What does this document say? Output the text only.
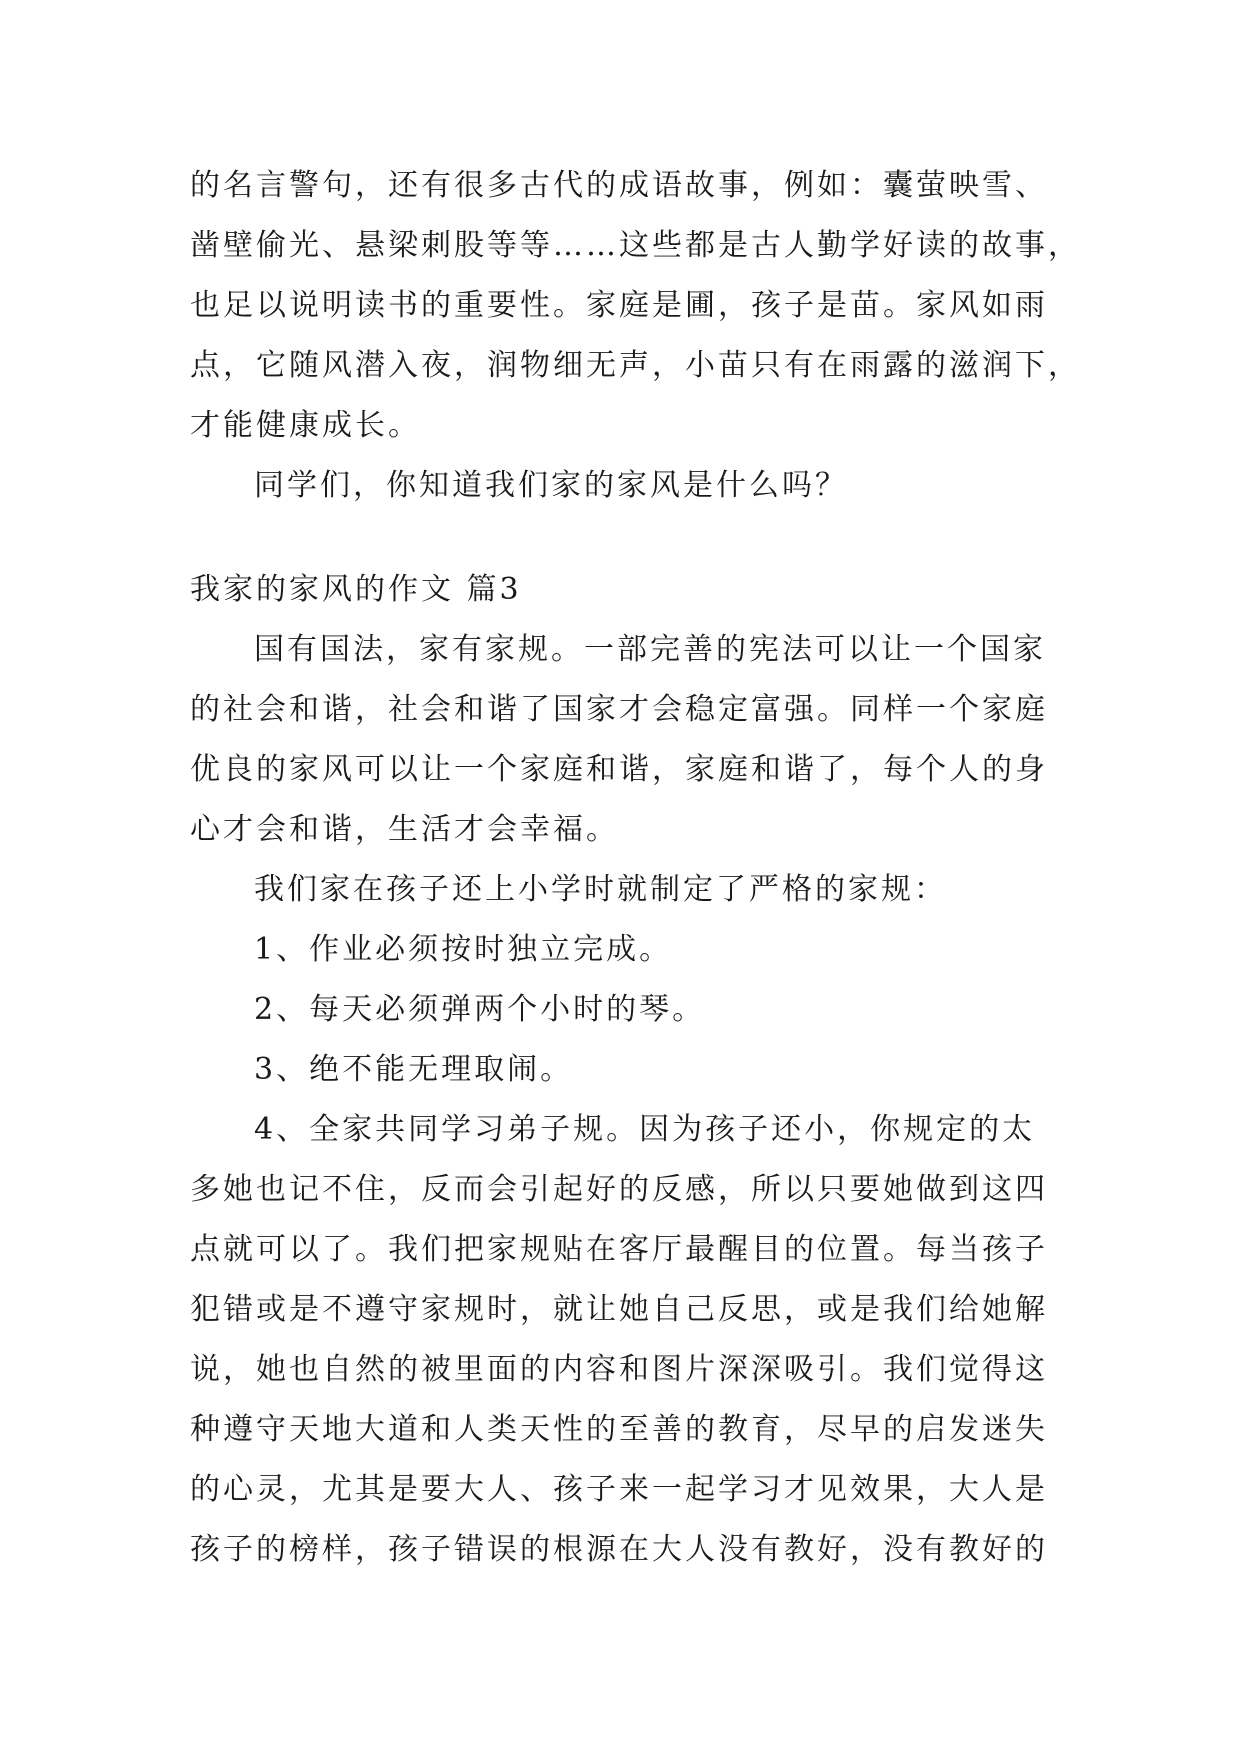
的名言警句，还有很多古代的成语故事，例如：囊萤映雪、
凿壁偷光、悬梁刺股等等……这些都是古人勤学好读的故事，
也足以说明读书的重要性。家庭是圃，孩子是苗。家风如雨
点，它随风潜入夜，润物细无声，小苗只有在雨露的滋润下，
才能健康成长。
同学们，你知道我们家的家风是什么吗？
我家的家风的作文 篇3
国有国法，家有家规。一部完善的宪法可以让一个国家
的社会和谐，社会和谐了国家才会稳定富强。同样一个家庭
优良的家风可以让一个家庭和谐，家庭和谐了，每个人的身
心才会和谐，生活才会幸福。
我们家在孩子还上小学时就制定了严格的家规：
1、作业必须按时独立完成。
2、每天必须弹两个小时的琴。
3、绝不能无理取闹。
4、全家共同学习弟子规。因为孩子还小，你规定的太
多她也记不住，反而会引起好的反感，所以只要她做到这四
点就可以了。我们把家规贴在客厅最醒目的位置。每当孩子
犯错或是不遵守家规时，就让她自己反思，或是我们给她解
说，她也自然的被里面的内容和图片深深吸引。我们觉得这
种遵守天地大道和人类天性的至善的教育，尽早的启发迷失
的心灵，尤其是要大人、孩子来一起学习才见效果，大人是
孩子的榜样，孩子错误的根源在大人没有教好，没有教好的
